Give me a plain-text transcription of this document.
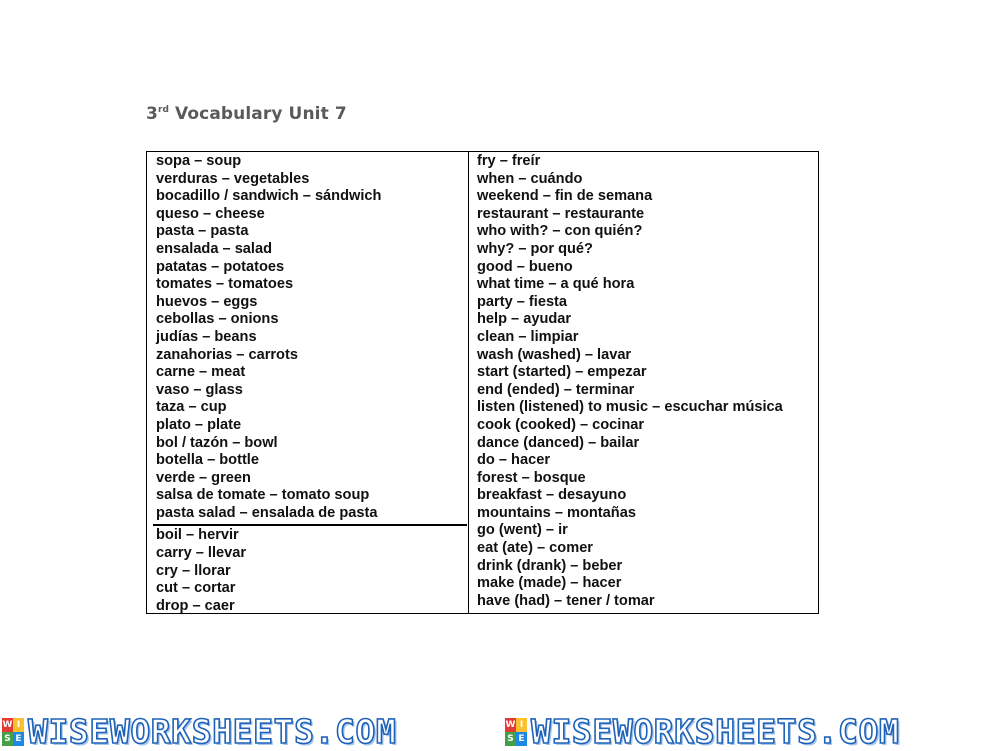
3rd Vocabulary Unit 7
sopa – soup
verduras – vegetables
bocadillo / sandwich – sándwich
queso – cheese
pasta – pasta
ensalada – salad
patatas – potatoes
tomates – tomatoes
huevos – eggs
cebollas – onions
judías – beans
zanahorias – carrots
carne – meat
vaso – glass
taza – cup
plato – plate
bol / tazón – bowl
botella – bottle
verde – green
salsa de tomate – tomato soup
pasta salad – ensalada de pasta
boil – hervir
carry – llevar
cry – llorar
cut – cortar
drop – caer
fry – freír
when – cuándo
weekend – fin de semana
restaurant – restaurante
who with? – con quién?
why? – por qué?
good – bueno
what time – a qué hora
party – fiesta
help – ayudar
clean – limpiar
wash (washed) – lavar
start (started) – empezar
end (ended) – terminar
listen (listened) to music – escuchar música
cook (cooked) – cocinar
dance (danced) – bailar
do – hacer
forest – bosque
breakfast – desayuno
mountains – montañas
go (went) – ir
eat (ate) – comer
drink (drank) – beber
make (made) – hacer
have (had) – tener / tomar
W I
S E WISEWORKSHEETS.COM	W I
S E WISEWORKSHEETS.COM
